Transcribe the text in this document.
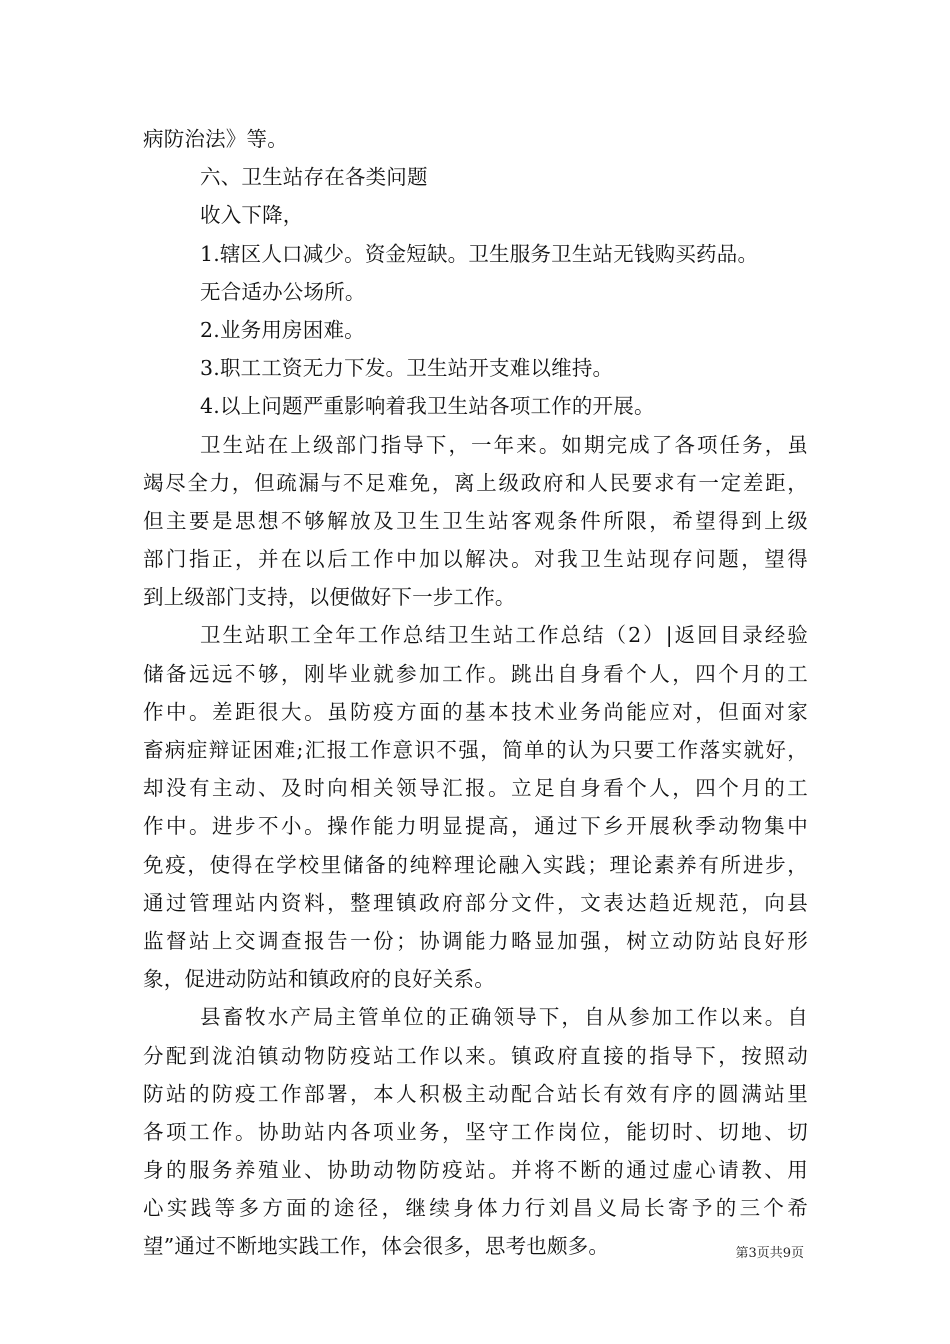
病防治法》等。
六、卫生站存在各类问题
收入下降，
1.辖区人口减少。资金短缺。卫生服务卫生站无钱购买药品。
无合适办公场所。
2.业务用房困难。
3.职工工资无力下发。卫生站开支难以维持。
4.以上问题严重影响着我卫生站各项工作的开展。
卫生站在上级部门指导下，一年来。如期完成了各项任务，虽
竭尽全力，但疏漏与不足难免，离上级政府和人民要求有一定差距，
但主要是思想不够解放及卫生卫生站客观条件所限，希望得到上级
部门指正，并在以后工作中加以解决。对我卫生站现存问题，望得
到上级部门支持，以便做好下一步工作。
卫生站职工全年工作总结卫生站工作总结（2）|返回目录经验
储备远远不够，刚毕业就参加工作。跳出自身看个人，四个月的工
作中。差距很大。虽防疫方面的基本技术业务尚能应对，但面对家
畜病症辩证困难;汇报工作意识不强，简单的认为只要工作落实就好，
却没有主动、及时向相关领导汇报。立足自身看个人，四个月的工
作中。进步不小。操作能力明显提高，通过下乡开展秋季动物集中
免疫，使得在学校里储备的纯粹理论融入实践；理论素养有所进步，
通过管理站内资料，整理镇政府部分文件，文表达趋近规范，向县
监督站上交调查报告一份；协调能力略显加强，树立动防站良好形
象，促进动防站和镇政府的良好关系。
县畜牧水产局主管单位的正确领导下，自从参加工作以来。自
分配到泷泊镇动物防疫站工作以来。镇政府直接的指导下，按照动
防站的防疫工作部署，本人积极主动配合站长有效有序的圆满站里
各项工作。协助站内各项业务，坚守工作岗位，能切时、切地、切
身的服务养殖业、协助动物防疫站。并将不断的通过虚心请教、用
心实践等多方面的途径，继续身体力行刘昌义局长寄予的三个希
望”通过不断地实践工作，体会很多，思考也颇多。	第3页共9页
